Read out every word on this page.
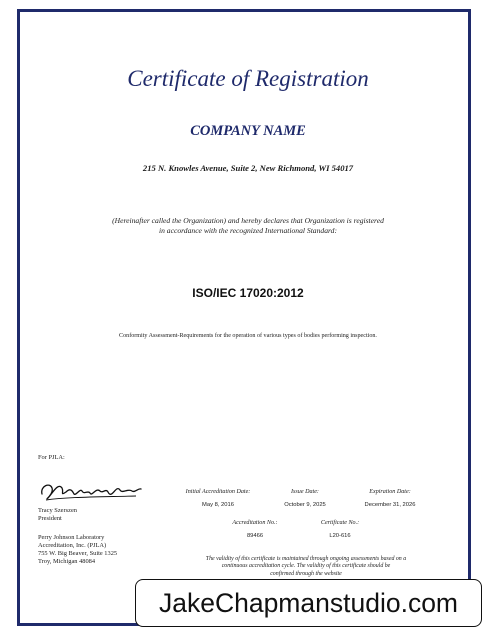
Certificate of Registration
COMPANY NAME
215 N. Knowles Avenue, Suite 2, New Richmond, WI 54017
(Hereinafter called the Organization) and hereby declares that Organization is registered
in accordance with the recognized International Standard:
ISO/IEC 17020:2012
Conformity Assessment-Requirements for the operation of various types of bodies performing inspection.
For PJLA:
Tracy Szerszen
President
Perry Johnson Laboratory
Accreditation, Inc. (PJLA)
755 W. Big Beaver, Suite 1325
Troy, Michigan 48084
Initial Accreditation Date:
May 8, 2016
Issue Date:
October 9, 2025
Expiration Date:
December 31, 2026
Accreditation No.:
89466
Certificate No.:
L20-616
The validity of this certificate is maintained through ongoing assessments based on a
continuous accreditation cycle. The validity of this certificate should be
confirmed through the website
JakeChapmanstudio.com
